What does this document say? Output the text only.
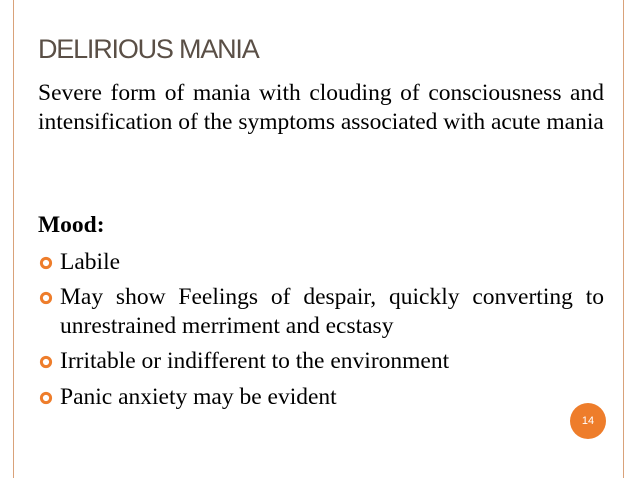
DELIRIOUS MANIA
Severe form of mania with clouding of consciousness and intensification of the symptoms associated with acute mania
Mood:
Labile
May show Feelings of despair, quickly converting to unrestrained merriment and ecstasy
Irritable or indifferent to the environment
Panic anxiety may be evident
14
